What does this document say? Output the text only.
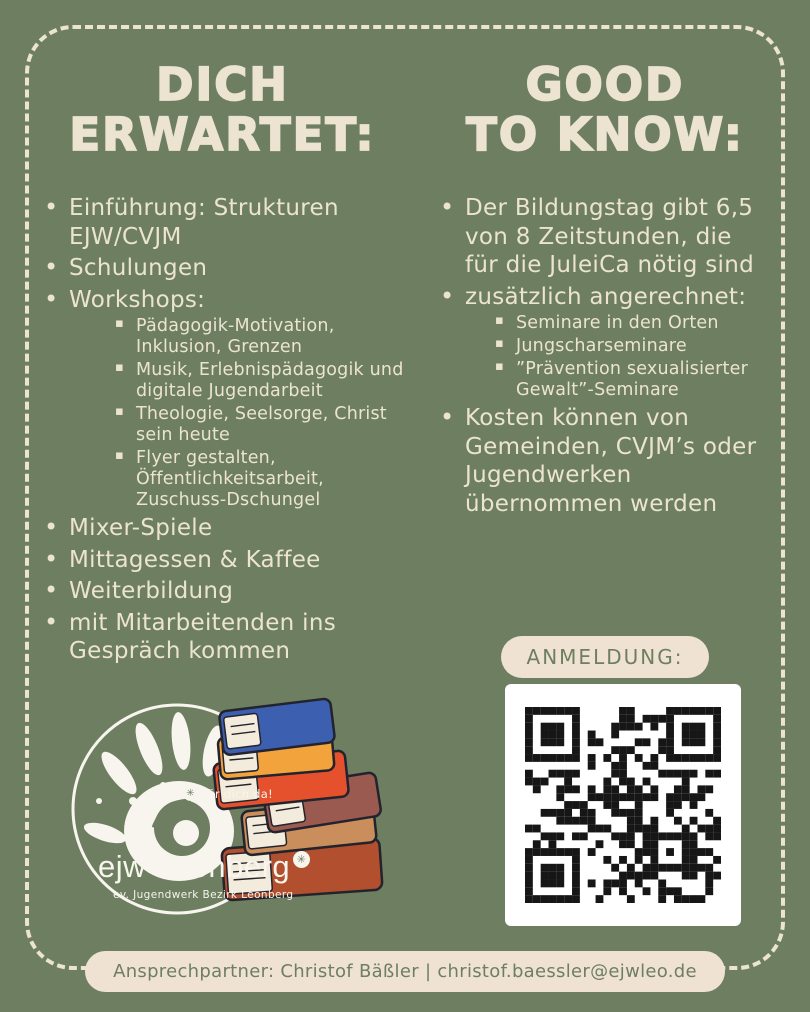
DICH
ERWARTET:
GOOD
TO KNOW:
• Einführung: Strukturen EJW/CVJM
• Schulungen
• Workshops:
▪ Pädagogik-Motivation, Inklusion, Grenzen
▪ Musik, Erlebnispädagogik und digitale Jugendarbeit
▪ Theologie, Seelsorge, Christ sein heute
▪ Flyer gestalten, Öffentlichkeitsarbeit, Zuschuss-Dschungel
• Mixer-Spiele
• Mittagessen & Kaffee
• Weiterbildung
• mit Mitarbeitenden ins Gespräch kommen
• Der Bildungstag gibt 6,5 von 8 Zeitstunden, die für die JuleiCa nötig sind
• zusätzlich angerechnet:
▪ Seminare in den Orten
▪ Jungscharseminare
▪ ”Prävention sexualisierter Gewalt”-Seminare
• Kosten können von Gemeinden, CVJM’s oder Jugendwerken übernommen werden
ANMELDUNG:
✳ für dich da!
ejw Leonberg ✳
ev. Jugendwerk Bezirk Leonberg
Ansprechpartner: Christof Bäßler | christof.baessler@ejwleo.de
